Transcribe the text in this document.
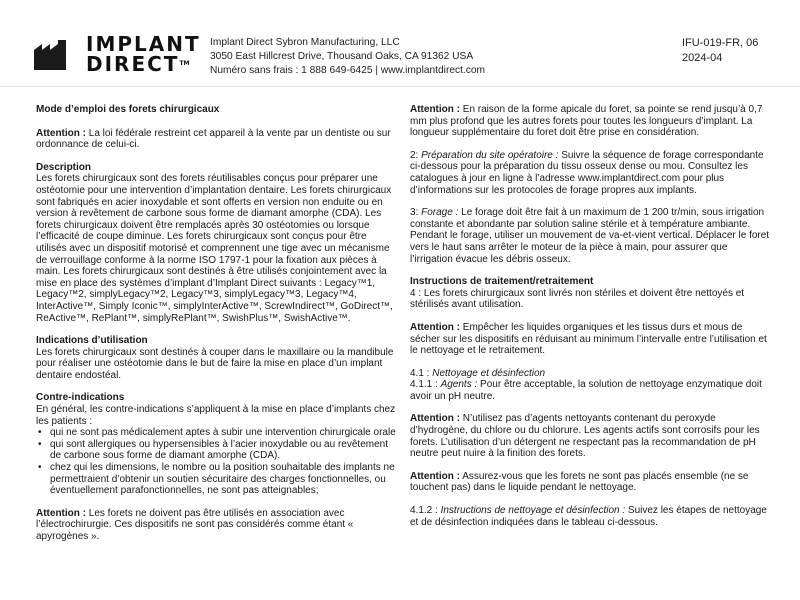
IMPLANT
DIRECT™
Implant Direct Sybron Manufacturing, LLC
3050 East Hillcrest Drive, Thousand Oaks, CA 91362 USA
Numéro sans frais : 1 888 649-6425 | www.implantdirect.com
IFU-019-FR, 06
2024-04

Mode d’emploi des forets chirurgicaux

Attention : La loi fédérale restreint cet appareil à la vente par un dentiste ou sur ordonnance de celui-ci.

Description

Les forets chirurgicaux sont des forets réutilisables conçus pour préparer une ostéotomie pour une intervention d’implantation dentaire. Les forets chirurgicaux sont fabriqués en acier inoxydable et sont offerts en version non enduite ou en version à revêtement de carbone sous forme de diamant amorphe (CDA). Les forets chirurgicaux doivent être remplacés après 30 ostéotomies ou lorsque l’efficacité de coupe diminue. Les forets chirurgicaux sont conçus pour être utilisés avec un dispositif motorisé et comprennent une tige avec un mécanisme de verrouillage conforme à la norme ISO 1797-1 pour la fixation aux pièces à main. Les forets chirurgicaux sont destinés à être utilisés conjointement avec la mise en place des systèmes d’implant d’Implant Direct suivants : Legacy™1, Legacy™2, simplyLegacy™2, Legacy™3, simplyLegacy™3, Legacy™4, InterActive™, Simply Iconic™, simplyInterActive™, ScrewIndirect™, GoDirect™, ReActive™, RePlant™, simplyRePlant™, SwishPlus™, SwishActive™.

Indications d’utilisation

Les forets chirurgicaux sont destinés à couper dans le maxillaire ou la mandibule pour réaliser une ostéotomie dans le but de faire la mise en place d’un implant dentaire endostéal.

Contre-indications
En général, les contre-indications s’appliquent à la mise en place d’implants chez les patients :
• qui ne sont pas médicalement aptes à subir une intervention chirurgicale orale
• qui sont allergiques ou hypersensibles à l’acier inoxydable ou au revêtement de carbone sous forme de diamant amorphe (CDA).
• chez qui les dimensions, le nombre ou la position souhaitable des implants ne permettraient d’obtenir un soutien sécuritaire des charges fonctionnelles, ou éventuellement parafonctionnelles, ne sont pas atteignables;

Attention : Les forets ne doivent pas être utilisés en association avec l’électrochirurgie. Ces dispositifs ne sont pas considérés comme étant « apyrogènes ».

Attention : En raison de la forme apicale du foret, sa pointe se rend jusqu’à 0,7 mm plus profond que les autres forets pour toutes les longueurs d’implant. La longueur supplémentaire du foret doit être prise en considération.

2: Préparation du site opératoire : Suivre la séquence de forage correspondante ci-dessous pour la préparation du tissu osseux dense ou mou. Consultez les catalogues à jour en ligne à l’adresse www.implantdirect.com pour plus d’informations sur les protocoles de forage propres aux implants.

3: Forage : Le forage doit être fait à un maximum de 1 200 tr/min, sous irrigation constante et abondante par solution saline stérile et à température ambiante. Pendant le forage, utiliser un mouvement de va-et-vient vertical. Déplacer le foret vers le haut sans arrêter le moteur de la pièce à main, pour assurer que l’irrigation évacue les débris osseux.

Instructions de traitement/retraitement

4 : Les forets chirurgicaux sont livrés non stériles et doivent être nettoyés et stérilisés avant utilisation.

Attention : Empêcher les liquides organiques et les tissus durs et mous de sécher sur les dispositifs en réduisant au minimum l’intervalle entre l’utilisation et le nettoyage et le retraitement.

4.1 : Nettoyage et désinfection
4.1.1 : Agents : Pour être acceptable, la solution de nettoyage enzymatique doit avoir un pH neutre.

Attention : N’utilisez pas d’agents nettoyants contenant du peroxyde d’hydrogène, du chlore ou du chlorure. Les agents actifs sont corrosifs pour les forets. L’utilisation d’un détergent ne respectant pas la recommandation de pH neutre peut nuire à la finition des forets.

Attention : Assurez-vous que les forets ne sont pas placés ensemble (ne se touchent pas) dans le liquide pendant le nettoyage.

4.1.2 : Instructions de nettoyage et désinfection : Suivez les étapes de nettoyage et de désinfection indiquées dans le tableau ci-dessous.
